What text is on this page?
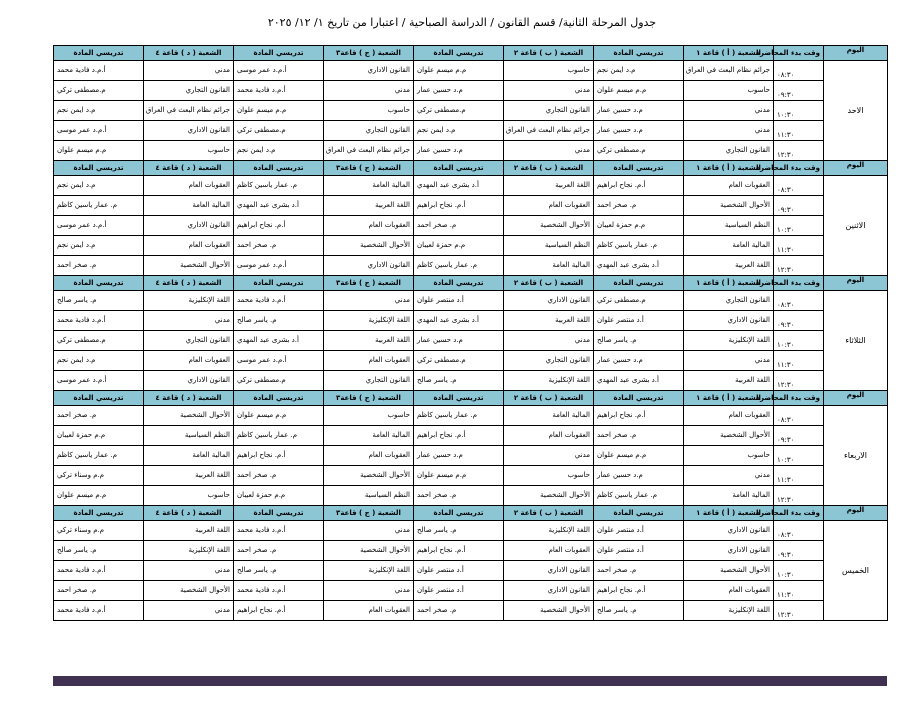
جدول المرحلة الثانية/ قسم القانون / الدراسة الصباحية / اعتبارا من تاريخ ١/ ١٢/ ٢٠٢٥
اليوم	وقت بدء المحاضرة	الشعبة ( أ ) قاعة ١	تدريسي المادة	الشعبة ( ب ) قاعة ٢	تدريسي المادة	الشعبة ( ج ) قاعة٣	تدريسي المادة	الشعبة ( د ) قاعة ٤	تدريسي المادة
الاحد	٠٨:٣٠	جرائم نظام البعث في العراق	م.د ايمن نجم	حاسوب	م.م ميسم علوان	القانون الاداري	أ.م.د عمر موسى	مدني	أ.م.د فادية محمد
	٠٩:٣٠	حاسوب	م.م ميسم علوان	مدني	م.د حسين عمار	مدني	أ.م.د فادية محمد	القانون التجاري	م.مصطفى تركي
	١٠:٣٠	مدني	م.د حسين عمار	القانون التجاري	م.مصطفى تركي	حاسوب	م.م ميسم علوان	جرائم نظام البعث في العراق	م.د ايمن نجم
	١١:٣٠	مدني	م.د حسين عمار	جرائم نظام البعث في العراق	م.د ايمن نجم	القانون التجاري	م.مصطفى تركي	القانون الاداري	أ.م.د عمر موسى
	١٢:٣٠	القانون التجاري	م.مصطفى تركي	مدني	م.د حسين عمار	جرائم نظام البعث في العراق	م.د ايمن نجم	حاسوب	م.م ميسم علوان
اليوم	وقت بدء المحاضرة	الشعبة ( أ ) قاعة ١	تدريسي المادة	الشعبة ( ب ) قاعة ٢	تدريسي المادة	الشعبة ( ج ) قاعة٣	تدريسي المادة	الشعبة ( د ) قاعة ٤	تدريسي المادة
الاثنين	٠٨:٣٠	العقوبات العام	أ.م. نجاح ابراهيم	اللغة العربية	أ.د بشرى عبد المهدي	المالية العامة	م. عمار ياسين كاظم	العقوبات العام	م.د ايمن نجم
	٠٩:٣٠	الأحوال الشخصية	م. صخر احمد	العقوبات العام	أ.م. نجاح ابراهيم	اللغة العربية	أ.د بشرى عبد المهدي	المالية العامة	م. عمار ياسين كاظم
	١٠:٣٠	النظم السياسية	م.م حمزة لعيبان	الأحوال الشخصية	م. صخر احمد	العقوبات العام	أ.م. نجاح ابراهيم	القانون الاداري	أ.م.د عمر موسى
	١١:٣٠	المالية العامة	م. عمار ياسين كاظم	النظم السياسية	م.م حمزة لعيبان	الأحوال الشخصية	م. صخر احمد	العقوبات العام	م.د ايمن نجم
	١٢:٣٠	اللغة العربية	أ.د بشرى عبد المهدي	المالية العامة	م. عمار ياسين كاظم	القانون الاداري	أ.م.د عمر موسى	الأحوال الشخصية	م. صخر احمد
اليوم	وقت بدء المحاضرة	الشعبة ( أ ) قاعة ١	تدريسي المادة	الشعبة ( ب ) قاعة ٢	تدريسي المادة	الشعبة ( ج ) قاعة٣	تدريسي المادة	الشعبة ( د ) قاعة ٤	تدريسي المادة
الثلاثاء	٠٨:٣٠	القانون التجاري	م.مصطفى تركي	القانون الاداري	أ.د منتصر علوان	مدني	أ.م.د فادية محمد	اللغة الإنكليزية	م. ياسر صالح
	٠٩:٣٠	القانون الاداري	أ.د منتصر علوان	اللغة العربية	أ.د بشرى عبد المهدي	اللغة الإنكليزية	م. ياسر صالح	مدني	أ.م.د فادية محمد
	١٠:٣٠	اللغة الإنكليزية	م. ياسر صالح	مدني	م.د حسين عمار	اللغة العربية	أ.د بشرى عبد المهدي	القانون التجاري	م.مصطفى تركي
	١١:٣٠	مدني	م.د حسين عمار	القانون التجاري	م.مصطفى تركي	العقوبات العام	أ.م.د عمر موسى	العقوبات العام	م.د ايمن نجم
	١٢:٣٠	اللغة العربية	أ.د بشرى عبد المهدي	اللغة الإنكليزية	م. ياسر صالح	القانون التجاري	م.مصطفى تركي	القانون الاداري	أ.م.د عمر موسى
اليوم	وقت بدء المحاضرة	الشعبة ( أ ) قاعة ١	تدريسي المادة	الشعبة ( ب ) قاعة ٢	تدريسي المادة	الشعبة ( ج ) قاعة٣	تدريسي المادة	الشعبة ( د ) قاعة ٤	تدريسي المادة
الاربعاء	٠٨:٣٠	العقوبات العام	أ.م. نجاح ابراهيم	المالية العامة	م. عمار ياسين كاظم	حاسوب	م.م ميسم علوان	الأحوال الشخصية	م. صخر احمد
	٠٩:٣٠	الأحوال الشخصية	م. صخر احمد	العقوبات العام	أ.م. نجاح ابراهيم	المالية العامة	م. عمار ياسين كاظم	النظم السياسية	م.م حمزة لعيبان
	١٠:٣٠	حاسوب	م.م ميسم علوان	مدني	م.د حسين عمار	العقوبات العام	أ.م. نجاح ابراهيم	المالية العامة	م. عمار ياسين كاظم
	١١:٣٠	مدني	م.د حسين عمار	حاسوب	م.م ميسم علوان	الأحوال الشخصية	م. صخر احمد	اللغة العربية	م.م وسناء تركي
	١٢:٣٠	المالية العامة	م. عمار ياسين كاظم	الأحوال الشخصية	م. صخر احمد	النظم السياسية	م.م حمزة لعيبان	حاسوب	م.م ميسم علوان
اليوم	وقت بدء المحاضرة	الشعبة ( أ ) قاعة ١	تدريسي المادة	الشعبة ( ب ) قاعة ٢	تدريسي المادة	الشعبة ( ج ) قاعة٣	تدريسي المادة	الشعبة ( د ) قاعة ٤	تدريسي المادة
الخميس	٠٨:٣٠	القانون الاداري	أ.د منتصر علوان	اللغة الإنكليزية	م. ياسر صالح	مدني	أ.م.د فادية محمد	اللغة العربية	م.م وسناء تركي
	٠٩:٣٠	القانون الاداري	أ.د منتصر علوان	العقوبات العام	أ.م. نجاح ابراهيم	الأحوال الشخصية	م. صخر احمد	اللغة الإنكليزية	م. ياسر صالح
	١٠:٣٠	الأحوال الشخصية	م. صخر احمد	القانون الاداري	أ.د منتصر علوان	اللغة الإنكليزية	م. ياسر صالح	مدني	أ.م.د فادية محمد
	١١:٣٠	العقوبات العام	أ.م. نجاح ابراهيم	القانون الاداري	أ.د منتصر علوان	مدني	أ.م.د فادية محمد	الأحوال الشخصية	م. صخر احمد
	١٢:٣٠	اللغة الإنكليزية	م. ياسر صالح	الأحوال الشخصية	م. صخر احمد	العقوبات العام	أ.م. نجاح ابراهيم	مدني	أ.م.د فادية محمد
